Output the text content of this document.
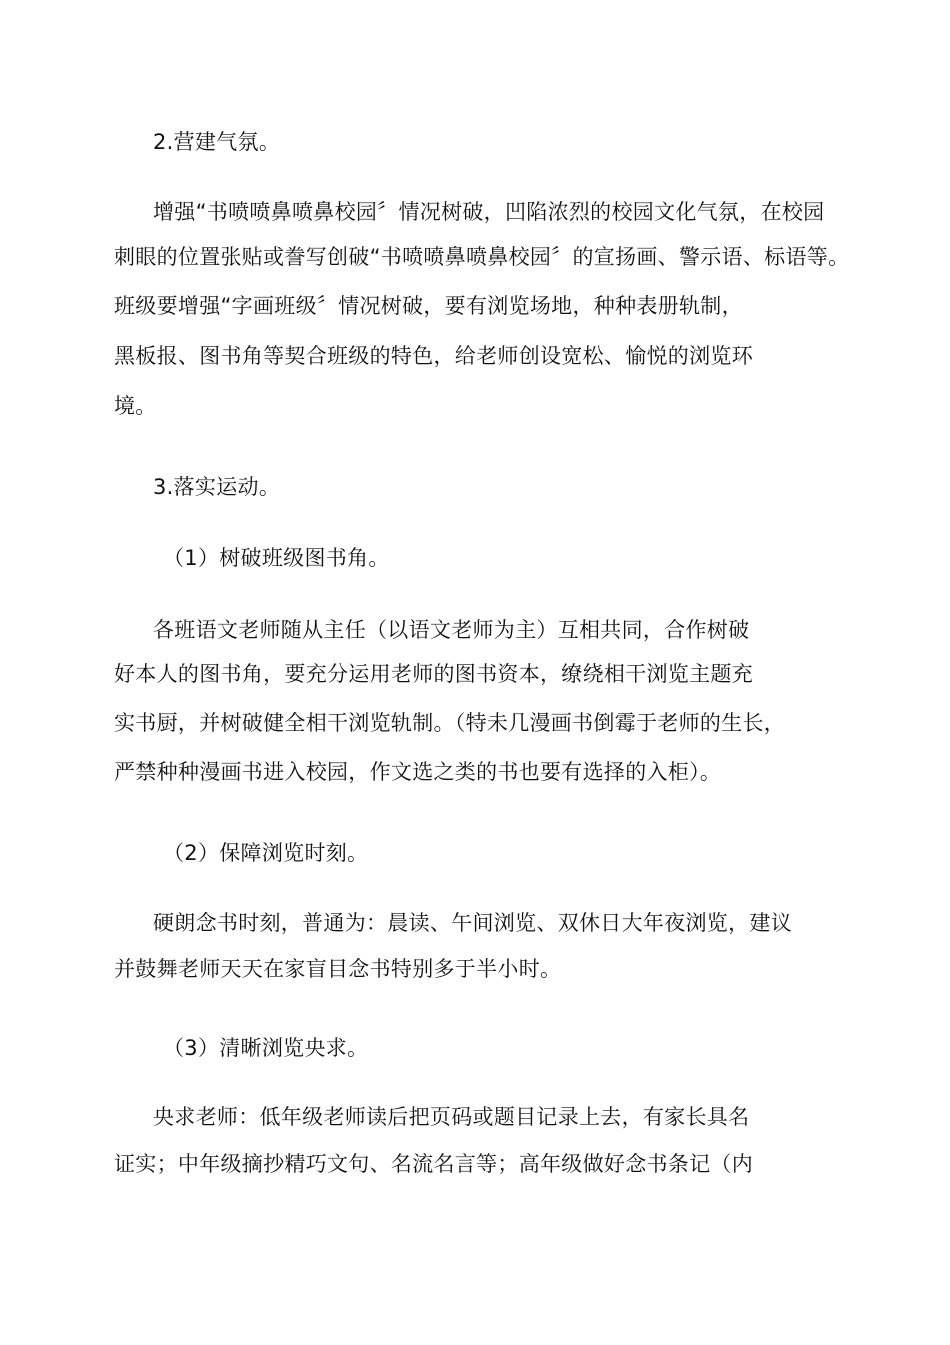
2.营建气氛。
增强“书喷喷鼻喷鼻校园〞情况树破，凹陷浓烈的校园文化气氛，在校园
刺眼的位置张贴或誊写创破“书喷喷鼻喷鼻校园〞的宣扬画、警示语、标语等。
班级要增强“字画班级〞情况树破，要有浏览场地，种种表册轨制，
黑板报、图书角等契合班级的特色，给老师创设宽松、愉悦的浏览环
境。
3.落实运动。
（1）树破班级图书角。
各班语文老师随从主任（以语文老师为主）互相共同，合作树破
好本人的图书角，要充分运用老师的图书资本，缭绕相干浏览主题充
实书厨，并树破健全相干浏览轨制。（特未几漫画书倒霉于老师的生长，
严禁种种漫画书进入校园，作文选之类的书也要有选择的入柜）。
（2）保障浏览时刻。
硬朗念书时刻，普通为：晨读、午间浏览、双休日大年夜浏览，建议
并鼓舞老师天天在家盲目念书特别多于半小时。
（3）清晰浏览央求。
央求老师：低年级老师读后把页码或题目记录上去，有家长具名
证实；中年级摘抄精巧文句、名流名言等；高年级做好念书条记（内
